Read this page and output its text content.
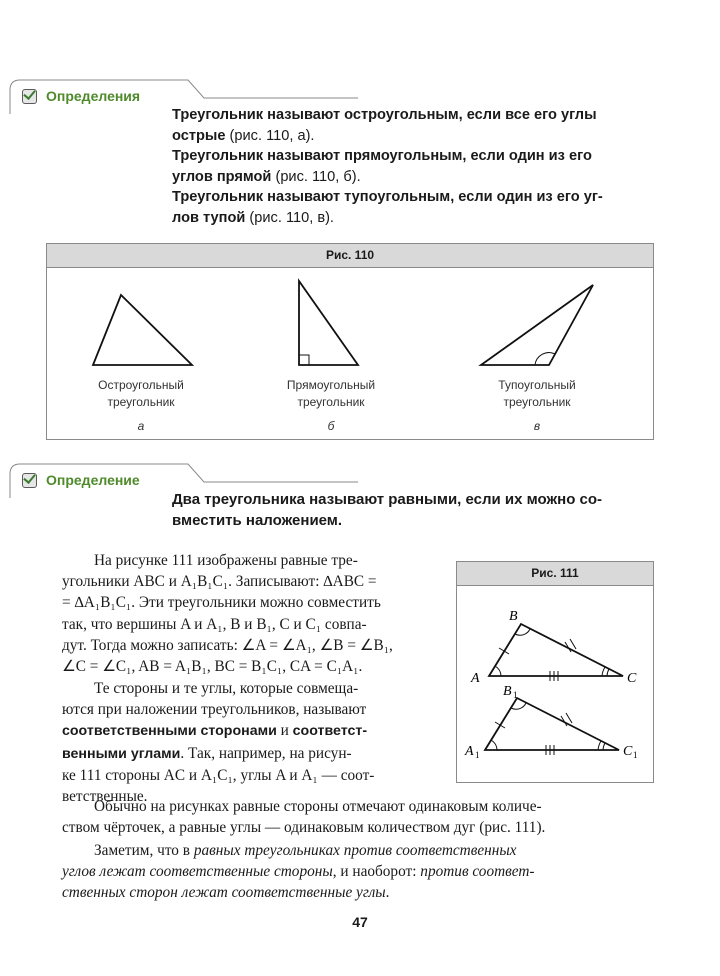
Определения
Треугольник называют остроугольным, если все его углы
острые (рис. 110, а).
Треугольник называют прямоугольным, если один из его
углов прямой (рис. 110, б).
Треугольник называют тупоугольным, если один из его уг-
лов тупой (рис. 110, в).
Рис. 110
Остроугольный
треугольник
Прямоугольный
треугольник
Тупоугольный
треугольник
а	б	в
Определение
Два треугольника называют равными, если их можно со-
вместить наложением.
Рис. 111
B
A	C
B 1
A 1	C 1
На рисунке 111 изображены равные тре-
угольники ABC и A₁B₁C₁. Записывают: ∆ABC =
= ∆A₁B₁C₁. Эти треугольники можно совместить
так, что вершины A и A₁, B и B₁, C и C₁ совпа-
дут. Тогда можно записать: ∠A = ∠A₁, ∠B = ∠B₁,
∠C = ∠C₁, AB = A₁B₁, BC = B₁C₁, CA = C₁A₁.
Те стороны и те углы, которые совмеща-
ются при наложении треугольников, называют
соответственными сторонами и соответст-
венными углами. Так, например, на рисун-
ке 111 стороны AC и A₁C₁, углы A и A₁ — соот-
ветственные.
Обычно на рисунках равные стороны отмечают одинаковым количе-
ством чёрточек, а равные углы — одинаковым количеством дуг (рис. 111).
Заметим, что в равных треугольниках против соответственных
углов лежат соответственные стороны, и наоборот: против соответ-
ственных сторон лежат соответственные углы.
47
